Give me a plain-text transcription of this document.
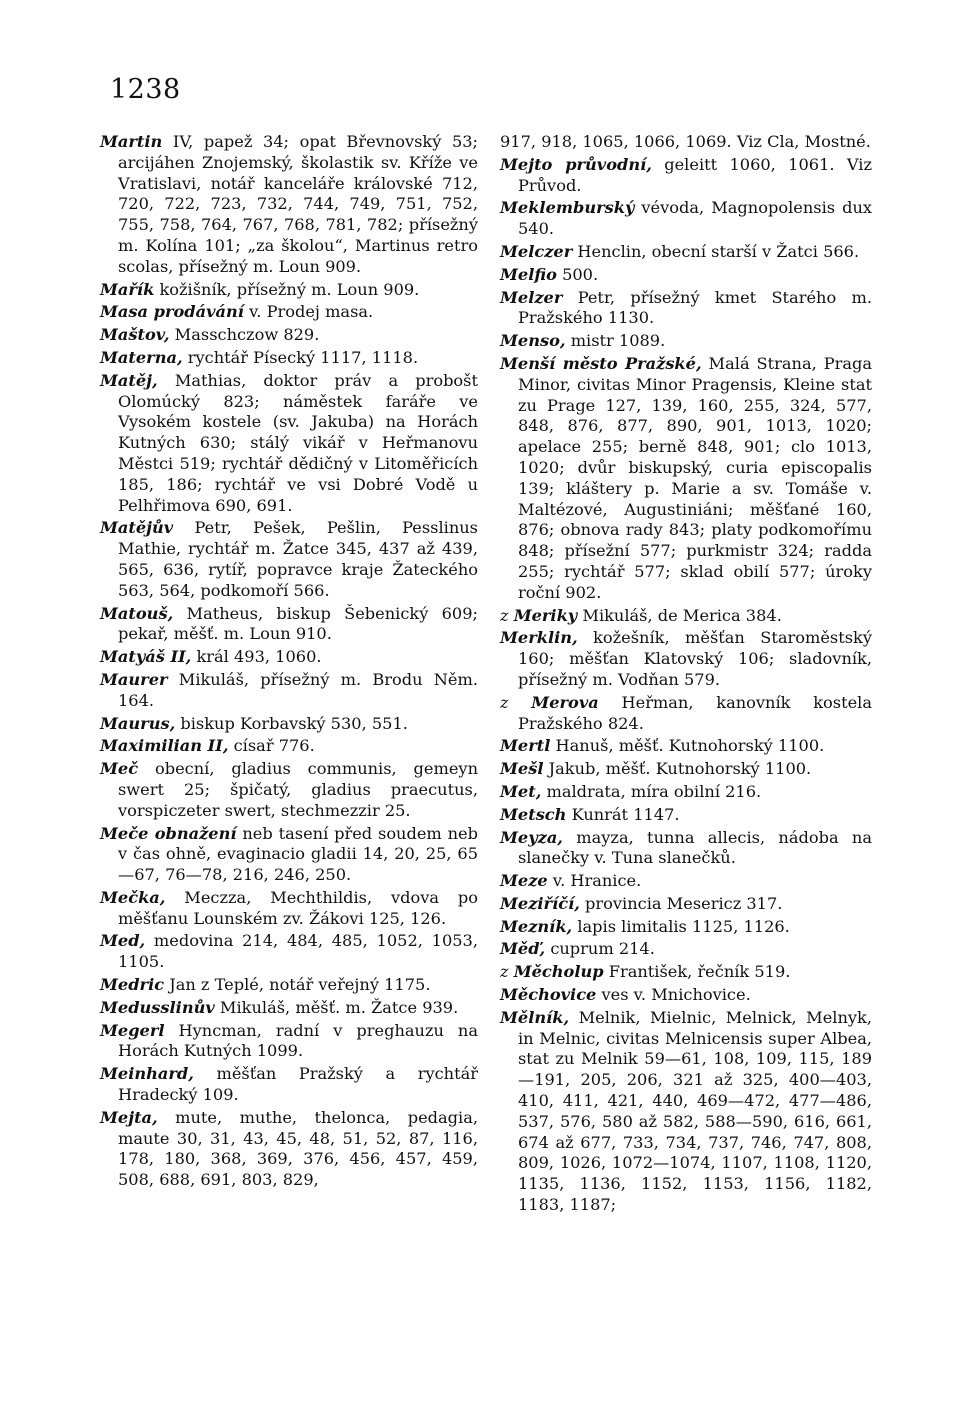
1238

Martin IV, papež 34; opat Břevnovský 53; arcijáhen Znojemský, školastik sv. Kříže ve Vratislavi, notář kanceláře královské 712, 720, 722, 723, 732, 744, 749, 751, 752, 755, 758, 764, 767, 768, 781, 782; přísežný m. Kolína 101; „za školou“, Martinus retro scolas, přísežný m. Loun 909.

Mařík kožišník, přísežný m. Loun 909.

Masa prodávání v. Prodej masa.

Maštov, Masschczow 829.

Materna, rychtář Písecký 1117, 1118.

Matěj, Mathias, doktor práv a probošt Olomúcký 823; náměstek faráře ve Vysokém kostele (sv. Jakuba) na Horách Kutných 630; stálý vikář v Heřmanovu Městci 519; rychtář dědičný v Litoměřicích 185, 186; rychtář ve vsi Dobré Vodě u Pelhřimova 690, 691.

Matějův Petr, Pešek, Pešlin, Pesslinus Mathie, rychtář m. Žatce 345, 437 až 439, 565, 636, rytíř, popravce kraje Žateckého 563, 564, podkomoří 566.

Matouš, Matheus, biskup Šebenický 609; pekař, měšť. m. Loun 910.

Matyáš II, král 493, 1060.

Maurer Mikuláš, přísežný m. Brodu Něm. 164.

Maurus, biskup Korbavský 530, 551.

Maximilian II, císař 776.

Meč obecní, gladius communis, gemeyn swert 25; špičatý, gladius praecutus, vorspiczeter swert, stechmezzir 25.

Meče obnažení neb tasení před soudem neb v čas ohně, evaginacio gladii 14, 20, 25, 65—67, 76—78, 216, 246, 250.

Mečka, Meczza, Mechthildis, vdova po měšťanu Lounském zv. Žákovi 125, 126.

Med, medovina 214, 484, 485, 1052, 1053, 1105.

Medric Jan z Teplé, notář veřejný 1175.

Medusslinův Mikuláš, měšť. m. Žatce 939.

Megerl Hyncman, radní v preghauzu na Horách Kutných 1099.

Meinhard, měšťan Pražský a rychtář Hradecký 109.

Mejta, mute, muthe, theloncа, pedagia, maute 30, 31, 43, 45, 48, 51, 52, 87, 116, 178, 180, 368, 369, 376, 456, 457, 459, 508, 688, 691, 803, 829,

917, 918, 1065, 1066, 1069. Viz Cla, Mostné.

Mejto průvodní, geleitt 1060, 1061. Viz Průvod.

Meklemburský vévoda, Magnopolensis dux 540.

Melczer Henclin, obecní starší v Žatci 566.

Melfio 500.

Melzer Petr, přísežný kmet Starého m. Pražského 1130.

Menso, mistr 1089.

Menší město Pražské, Malá Strana, Praga Minor, civitas Minor Pragensis, Kleine stat zu Prage 127, 139, 160, 255, 324, 577, 848, 876, 877, 890, 901, 1013, 1020; apelace 255; berně 848, 901; clo 1013, 1020; dvůr biskupský, curia episcopalis 139; klášterу p. Marie a sv. Tomáše v. Maltézové, Augustiniáni; měšťané 160, 876; obnova rady 843; platy podkomořímu 848; přísežní 577; purkmistr 324; radda 255; rychtář 577; sklad obilí 577; úroky roční 902.

z Meriky Mikuláš, de Merica 384.

Merklin, kožešník, měšťan Staroměstský 160; měšťan Klatovský 106; sladovník, přísežný m. Vodňan 579.

z Merova Heřman, kanovník kostela Pražského 824.

Mertl Hanuš, měšť. Kutnohorský 1100.

Mešl Jakub, měšť. Kutnohorský 1100.

Met, maldrata, míra obilní 216.

Metsch Kunrát 1147.

Meyza, mayza, tunna allecis, nádoba na slanečky v. Tuna slanečků.

Meze v. Hranice.

Meziříčí, provincia Meserіcz 317.

Mezník, lapis limitalis 1125, 1126.

Měď, cuprum 214.

z Měcholup František, řečník 519.

Měchovice ves v. Mnichovice.

Mělník, Melnik, Mielnic, Melnick, Melnyk, in Melnic, civitas Melnicensis super Albea, stat zu Melnik 59—61, 108, 109, 115, 189—191, 205, 206, 321 až 325, 400—403, 410, 411, 421, 440, 469—472, 477—486, 537, 576, 580 až 582, 588—590, 616, 661, 674 až 677, 733, 734, 737, 746, 747, 808, 809, 1026, 1072—1074, 1107, 1108, 1120, 1135, 1136, 1152, 1153, 1156, 1182, 1183, 1187;
